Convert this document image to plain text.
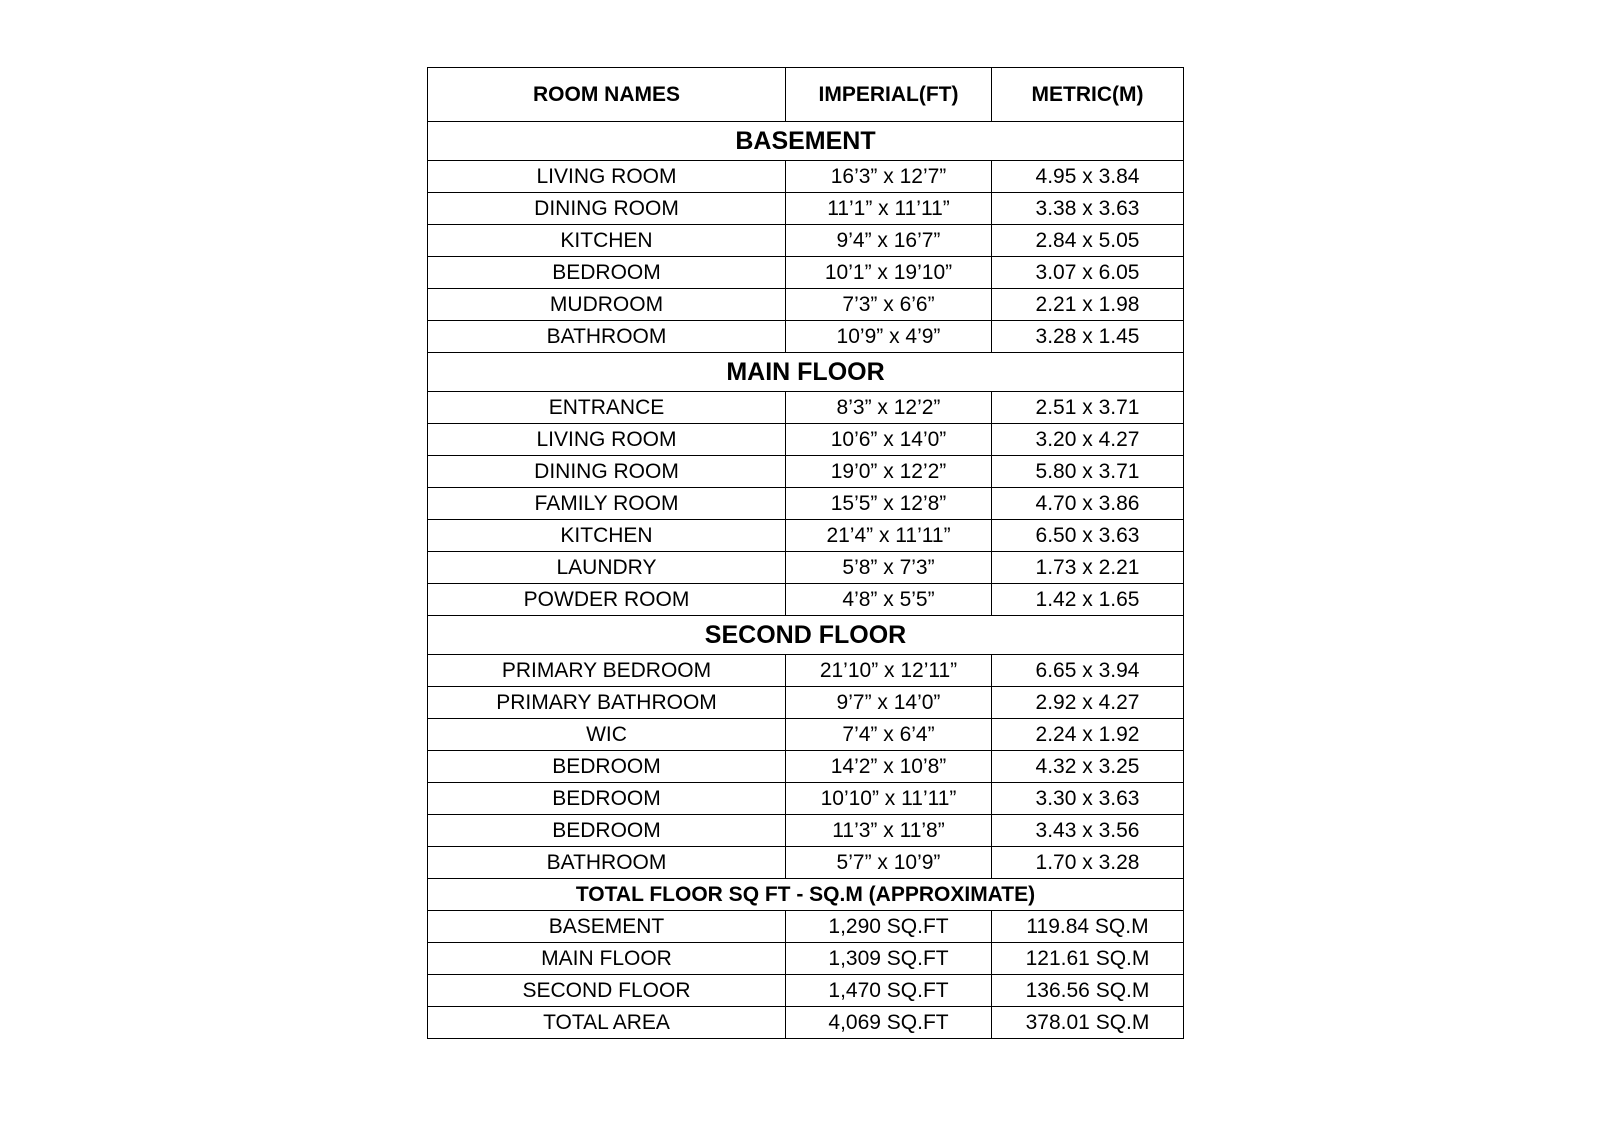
ROOM NAMES	IMPERIAL(FT)	METRIC(M)
BASEMENT		
LIVING ROOM	16’3” x 12’7”	4.95 x 3.84
DINING ROOM	11’1” x 11’11”	3.38 x 3.63
KITCHEN	9’4” x 16’7”	2.84 x 5.05
BEDROOM	10’1” x 19’10”	3.07 x 6.05
MUDROOM	7’3” x 6’6”	2.21 x 1.98
BATHROOM	10’9” x 4’9”	3.28 x 1.45
MAIN FLOOR		
ENTRANCE	8’3” x 12’2”	2.51 x 3.71
LIVING ROOM	10’6” x 14’0”	3.20 x 4.27
DINING ROOM	19’0” x 12’2”	5.80 x 3.71
FAMILY ROOM	15’5” x 12’8”	4.70 x 3.86
KITCHEN	21’4” x 11’11”	6.50 x 3.63
LAUNDRY	5’8” x 7’3”	1.73 x 2.21
POWDER ROOM	4’8” x 5’5”	1.42 x 1.65
SECOND FLOOR		
PRIMARY BEDROOM	21’10” x 12’11”	6.65 x 3.94
PRIMARY BATHROOM	9’7” x 14’0”	2.92 x 4.27
WIC	7’4” x 6’4”	2.24 x 1.92
BEDROOM	14’2” x 10’8”	4.32 x 3.25
BEDROOM	10’10” x 11’11”	3.30 x 3.63
BEDROOM	11’3” x 11’8”	3.43 x 3.56
BATHROOM	5’7” x 10’9”	1.70 x 3.28
TOTAL FLOOR SQ FT - SQ.M (APPROXIMATE)		
BASEMENT	1,290 SQ.FT	119.84 SQ.M
MAIN FLOOR	1,309 SQ.FT	121.61 SQ.M
SECOND FLOOR	1,470 SQ.FT	136.56 SQ.M
TOTAL AREA	4,069 SQ.FT	378.01 SQ.M
